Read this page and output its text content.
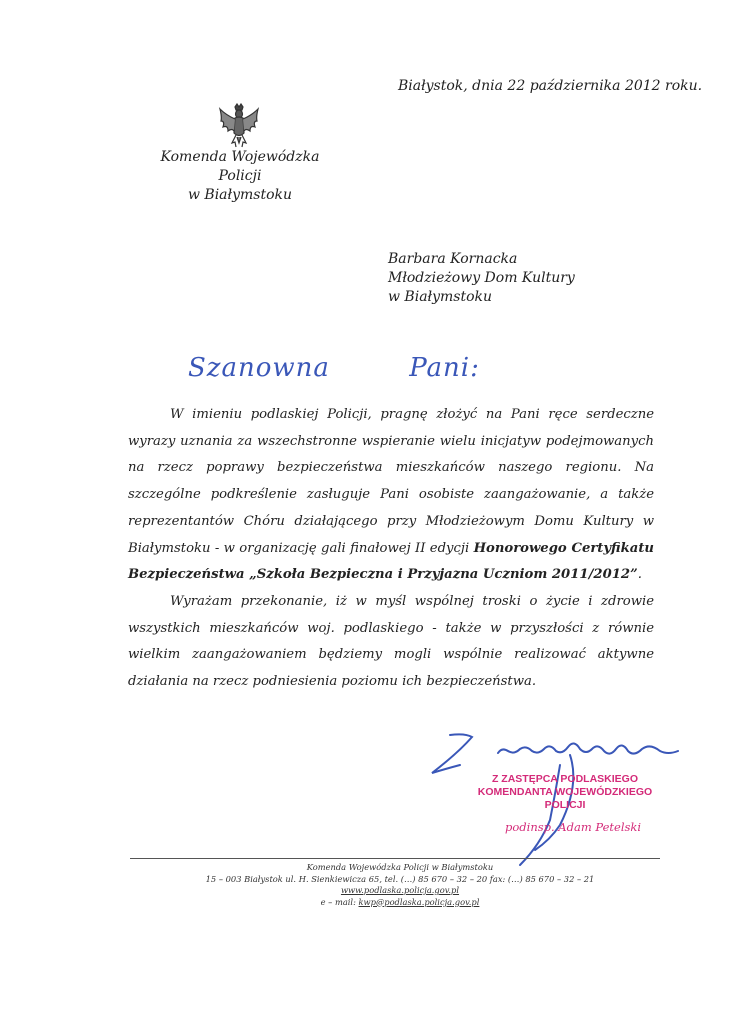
Białystok, dnia 22 października 2012 roku.
Komenda Wojewódzka Policji
w Białymstoku
Barbara Kornacka
Młodzieżowy Dom Kultury
w Białymstoku
Szanowna	Pani:

W imieniu podlaskiej Policji, pragnę złożyć na Pani ręce serdeczne wyrazy uznania za wszechstronne wspieranie wielu inicjatyw podejmowanych na rzecz poprawy bezpieczeństwa mieszkańców naszego regionu. Na szczególne podkreślenie zasługuje Pani osobiste zaangażowanie, a także reprezentantów Chóru działającego przy Młodzieżowym Domu Kultury w Białymstoku - w organizację gali finałowej II edycji Honorowego Certyfikatu Bezpieczeństwa „Szkoła Bezpieczna i Przyjazna Uczniom 2011/2012”.

Wyrażam przekonanie, iż w myśl wspólnej troski o życie i zdrowie wszystkich mieszkańców woj. podlaskiego - także w przyszłości z równie wielkim zaangażowaniem będziemy mogli wspólnie realizować aktywne działania na rzecz podniesienia poziomu ich bezpieczeństwa.

Z ZASTĘPCA PODLASKIEGO
KOMENDANTA WOJEWÓDZKIEGO POLICJI
podinsp. Adam Petelski
Komenda Wojewódzka Policji w Białymstoku
15 – 003 Białystok ul. H. Sienkiewicza 65, tel. (…) 85 670 – 32 – 20 fax: (…) 85 670 – 32 – 21
www.podlaska.policja.gov.pl
e – mail: kwp@podlaska.policja.gov.pl
